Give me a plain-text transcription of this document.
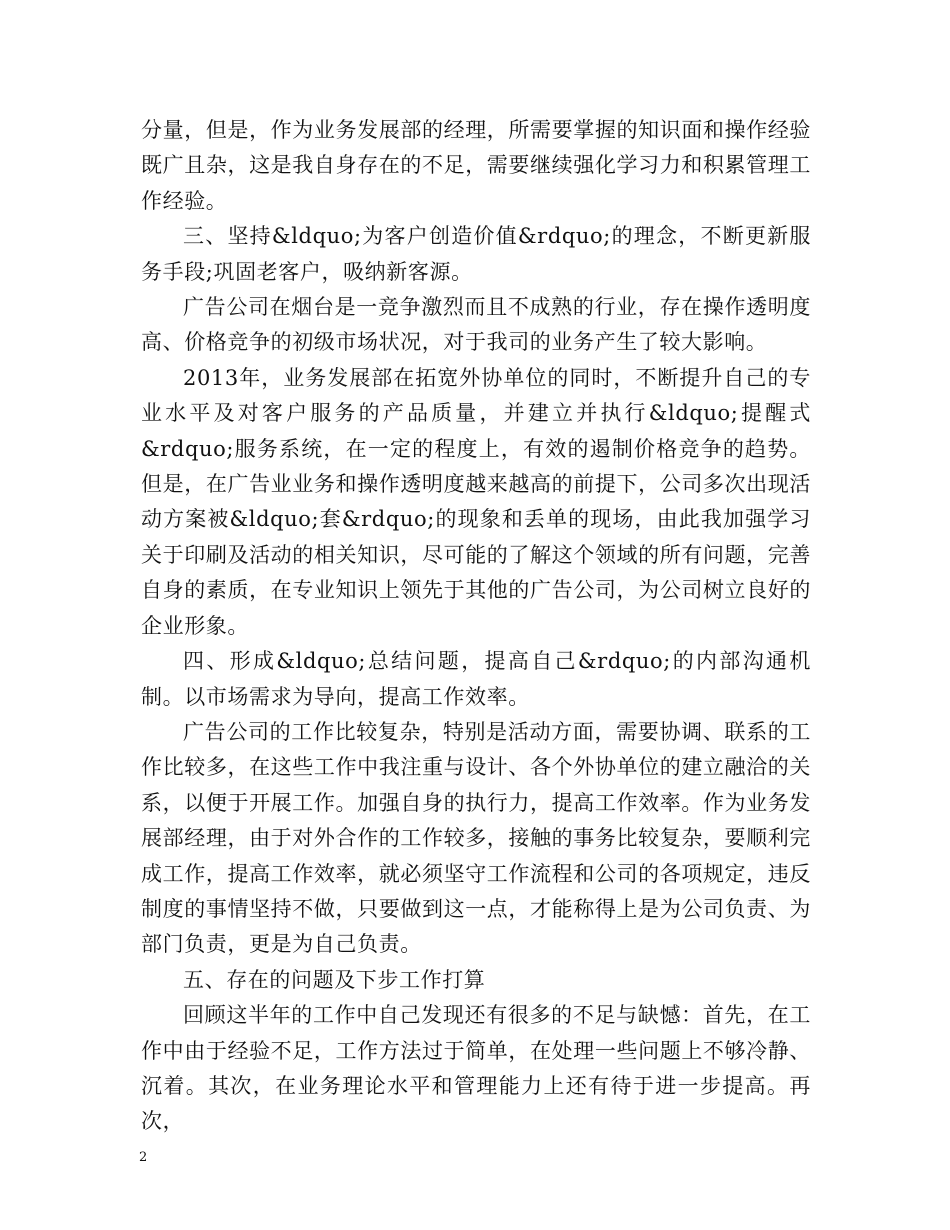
分量，但是，作为业务发展部的经理，所需要掌握的知识面和操作经验既广且杂，这是我自身存在的不足，需要继续强化学习力和积累管理工作经验。

三、坚持&ldquo;为客户创造价值&rdquo;的理念，不断更新服务手段;巩固老客户，吸纳新客源。

广告公司在烟台是一竞争激烈而且不成熟的行业，存在操作透明度高、价格竞争的初级市场状况，对于我司的业务产生了较大影响。

2013年，业务发展部在拓宽外协单位的同时，不断提升自己的专业水平及对客户服务的产品质量，并建立并执行&ldquo;提醒式&rdquo;服务系统，在一定的程度上，有效的遏制价格竞争的趋势。但是，在广告业业务和操作透明度越来越高的前提下，公司多次出现活动方案被&ldquo;套&rdquo;的现象和丢单的现场，由此我加强学习关于印刷及活动的相关知识，尽可能的了解这个领域的所有问题，完善自身的素质，在专业知识上领先于其他的广告公司，为公司树立良好的企业形象。

四、形成&ldquo;总结问题，提高自己&rdquo;的内部沟通机制。以市场需求为导向，提高工作效率。

广告公司的工作比较复杂，特别是活动方面，需要协调、联系的工作比较多，在这些工作中我注重与设计、各个外协单位的建立融洽的关系，以便于开展工作。加强自身的执行力，提高工作效率。作为业务发展部经理，由于对外合作的工作较多，接触的事务比较复杂，要顺利完成工作，提高工作效率，就必须坚守工作流程和公司的各项规定，违反制度的事情坚持不做，只要做到这一点，才能称得上是为公司负责、为部门负责，更是为自己负责。

五、存在的问题及下步工作打算

回顾这半年的工作中自己发现还有很多的不足与缺憾：首先，在工作中由于经验不足，工作方法过于简单，在处理一些问题上不够冷静、沉着。其次，在业务理论水平和管理能力上还有待于进一步提高。再次，

2
